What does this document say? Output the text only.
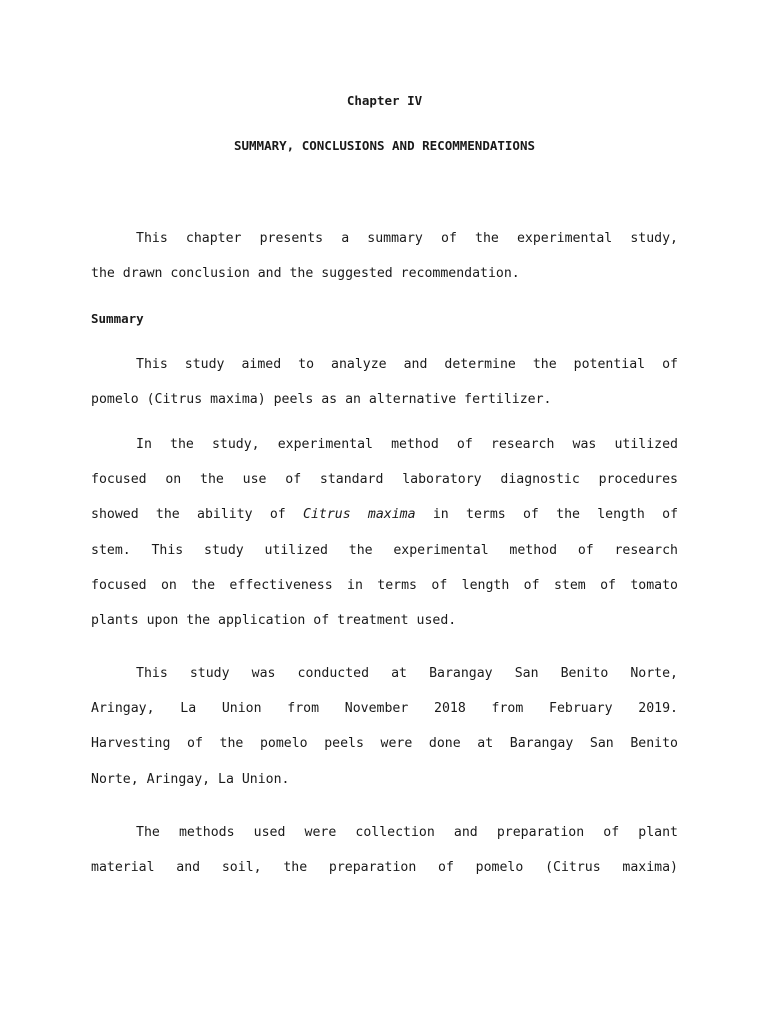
Chapter IV
SUMMARY, CONCLUSIONS AND RECOMMENDATIONS
This chapter presents a summary of the experimental study,
the drawn conclusion and the suggested recommendation.
Summary
This study aimed to analyze and determine the potential of
pomelo (Citrus maxima) peels as an alternative fertilizer.
In the study, experimental method of research was utilized
focused on the use of standard laboratory diagnostic procedures
showed the ability of Citrus maxima in terms of the length of
stem. This study utilized the experimental method of research
focused on the effectiveness in terms of length of stem of tomato
plants upon the application of treatment used.
This study was conducted at Barangay San Benito Norte,
Aringay, La Union from November 2018 from February 2019.
Harvesting of the pomelo peels were done at Barangay San Benito
Norte, Aringay, La Union.
The methods used were collection and preparation of plant
material and soil, the preparation of pomelo (Citrus maxima)
